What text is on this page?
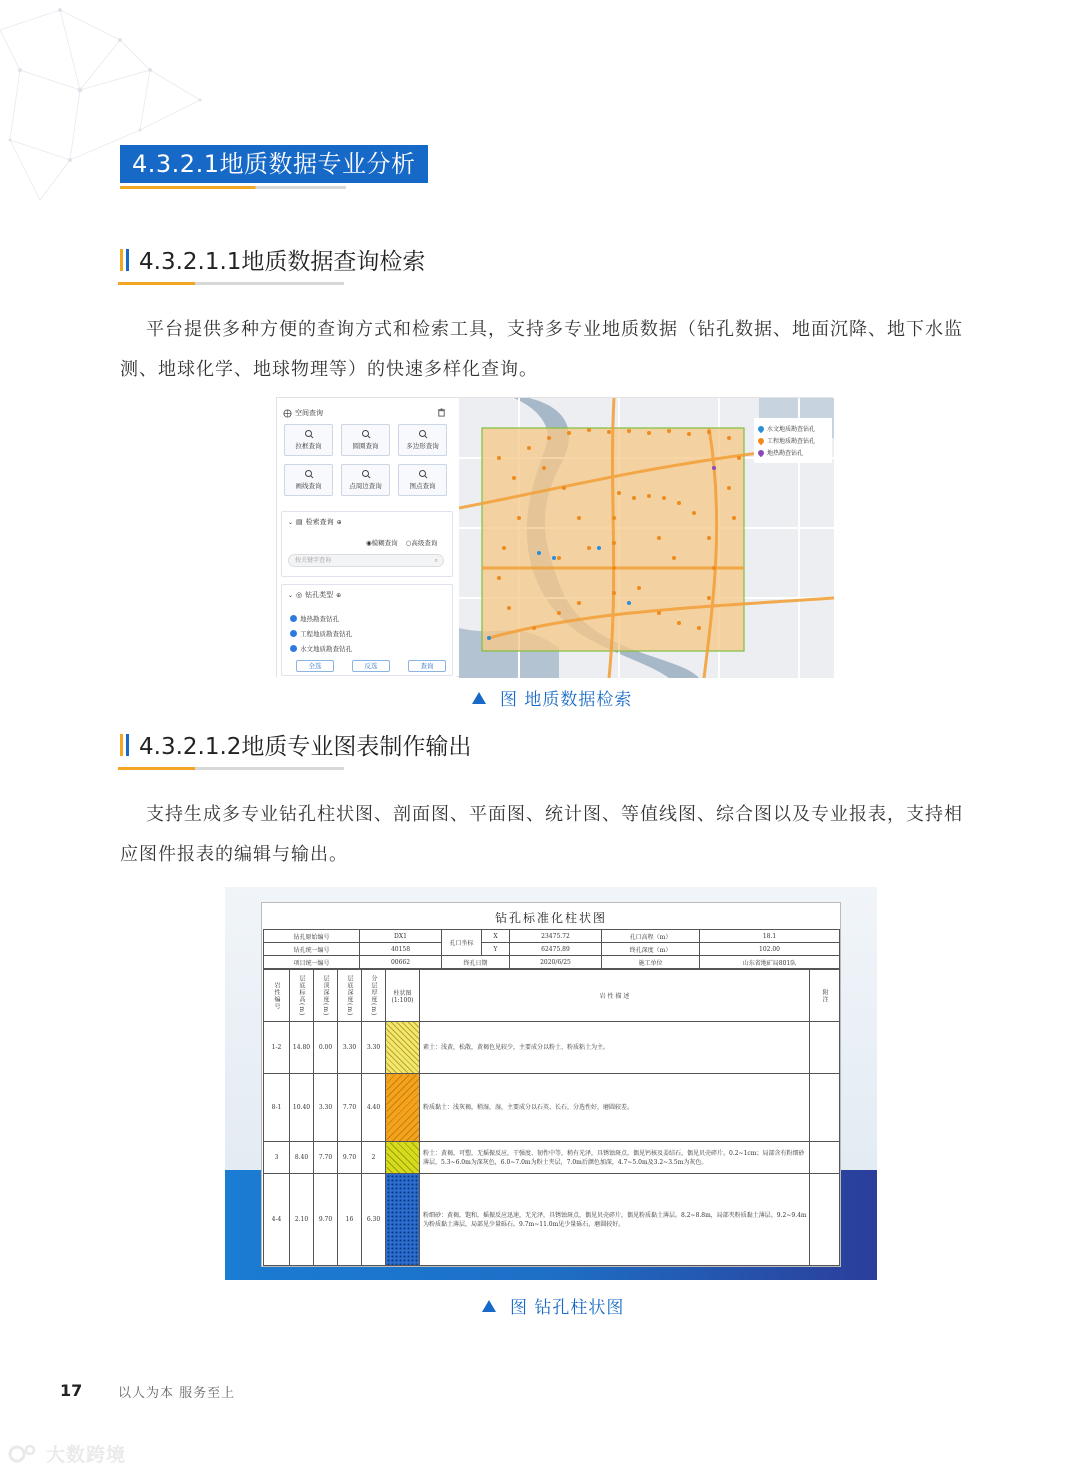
4.3.2.1地质数据专业分析
4.3.2.1.1地质数据查询检索

平台提供多种方便的查询方式和检索工具，支持多专业地质数据（钻孔数据、地面沉降、地下水监测、地球化学、地球物理等）的快速多样化查询。

空间查询
拉框查询	圆圈查询	多边形查询
画线查询	点周边查询	图点查询
⌄ ▤ 检索查询 ⊕
◉模糊查询 ○高级查询
按关键字查询	⌕
⌄ ◎ 钻孔类型 ⊕
地热勘查钻孔
工程地质勘查钻孔
水文地质勘查钻孔
全选	反选	查询
水文地质勘查钻孔
工程地质勘查钻孔
地热勘查钻孔
图 地质数据检索
4.3.2.1.2地质专业图表制作输出

支持生成多专业钻孔柱状图、剖面图、平面图、统计图、等值线图、综合图以及专业报表，支持相应图件报表的编辑与输出。

钻孔标准化柱状图
钻孔原始编号	DX1	孔口坐标	X	23475.72	孔口高程（m）	18.1
钻孔统一编号	40158		Y	62475.89	终孔深度（m）	102.00
项目统一编号	00662	终孔日期		2020/6/25	施工单位	山东省地矿局801队
岩性编号	层底标高(m)	层顶深度(m)	层底深度(m)	分层厚度(m)	柱状图(1:100)	岩 性 描 述	附注

1-2	14.80	0.00	3.30	3.30		素土：浅黄，松散，黄褐色见较少，主要成分以粉土、粉质粘土为主。	
8-1	10.40	3.30	7.70	4.40		粉质黏土：浅灰褐，稍湿，湿，主要成分以石英、长石，分选性好，磨圆较差。	
3	8.40	7.70	9.70	2		粉土：黄褐，可塑，无摇振反应，干强度、韧性中等，稍有光泽，具锈蚀斑点，偶见钙核及姜结石，偶见贝壳碎片。0.2~1cm；局部含有粉细砂薄层，5.3~6.0m为深灰色，6.0~7.0m为粉土夹层，7.0m后颜色加深，4.7~5.0m及3.2~3.5m为灰色。	
4-4	2.10	9.70	16	6.30		粉细砂：黄褐，饱和，摇振反应迅速，无光泽，具锈蚀斑点，偶见贝壳碎片，偶见粉质黏土薄层。8.2~8.8m，局部夹粉质黏土薄层。9.2~9.4m为粉质黏土薄层，局部见少量砾石。9.7m~11.0m见少量砾石，磨圆较好。	
图 钻孔柱状图
17	以人为本 服务至上
大数跨境
